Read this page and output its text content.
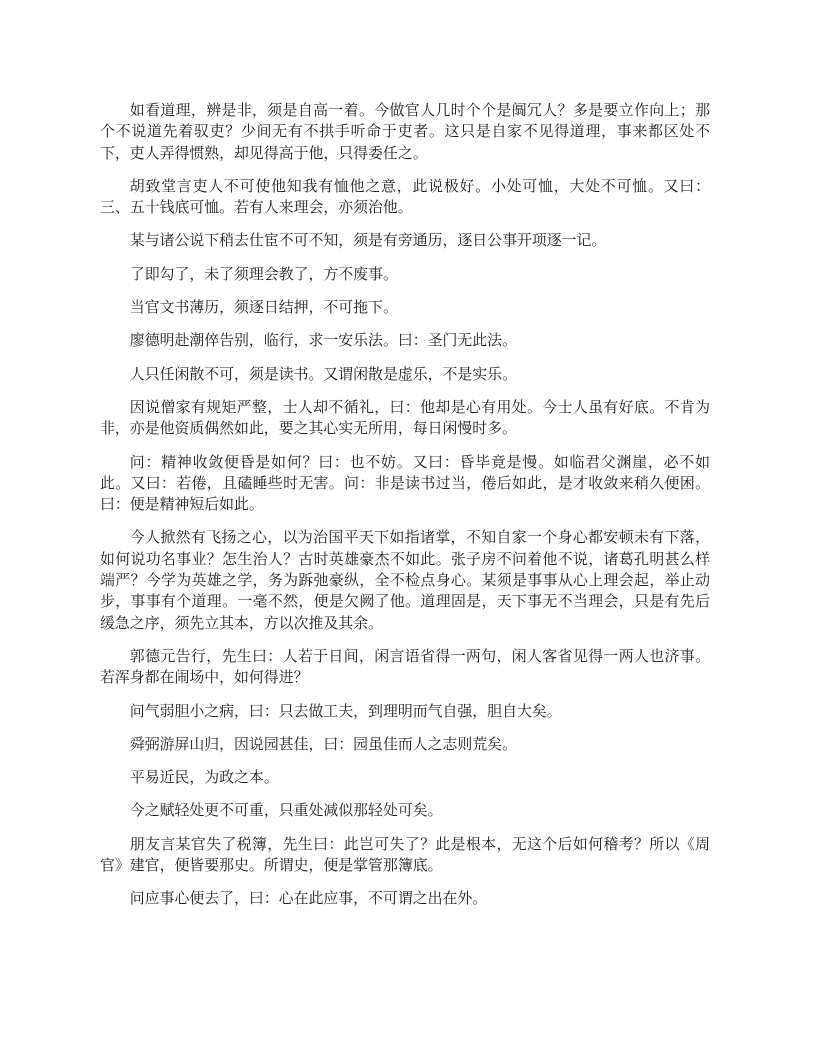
如看道理，辨是非，须是自高一着。今做官人几时个个是阘冗人？多是要立作向上；那个不说道先着驭吏？少间无有不拱手听命于吏者。这只是自家不见得道理，事来都区处不下，吏人弄得惯熟，却见得高于他，只得委任之。

胡致堂言吏人不可使他知我有恤他之意，此说极好。小处可恤，大处不可恤。又曰：三、五十钱底可恤。若有人来理会，亦须治他。

某与诸公说下稍去仕宦不可不知，须是有旁通历，逐日公事开项逐一记。

了即勾了，未了须理会教了，方不废事。

当官文书薄历，须逐日结押，不可拖下。

廖德明赴潮倅告别，临行，求一安乐法。曰：圣门无此法。

人只任闲散不可，须是读书。又谓闲散是虚乐，不是实乐。

因说僧家有规矩严整，士人却不循礼，曰：他却是心有用处。今士人虽有好底。不肯为非，亦是他资质偶然如此，要之其心实无所用，每日闲慢时多。

问：精神收敛便昏是如何？曰：也不妨。又曰：昏毕竟是慢。如临君父渊崖，必不如此。又曰：若倦，且磕睡些时无害。问：非是读书过当，倦后如此，是才收敛来稍久便困。曰：便是精神短后如此。

今人掀然有飞扬之心，以为治国平天下如指诸掌，不知自家一个身心都安顿未有下落，如何说功名事业？怎生治人？古时英雄豪杰不如此。张子房不问着他不说，诸葛孔明甚么样端严？今学为英雄之学，务为跅弛豪纵，全不检点身心。某须是事事从心上理会起，举止动步，事事有个道理。一毫不然，便是欠阙了他。道理固是，天下事无不当理会，只是有先后缓急之序，须先立其本，方以次推及其余。

郭德元告行，先生曰：人若于日间，闲言语省得一两句，闲人客省见得一两人也济事。若浑身都在闹场中，如何得进？

问气弱胆小之病，曰：只去做工夫，到理明而气自强，胆自大矣。

舜弼游屏山归，因说园甚佳，曰：园虽佳而人之志则荒矣。

平易近民，为政之本。

今之赋轻处更不可重，只重处减似那轻处可矣。

朋友言某官失了税簿，先生曰：此岂可失了？此是根本，无这个后如何稽考？所以《周官》建官，便皆要那史。所谓史，便是掌管那簿底。

问应事心便去了，曰：心在此应事，不可谓之出在外。
